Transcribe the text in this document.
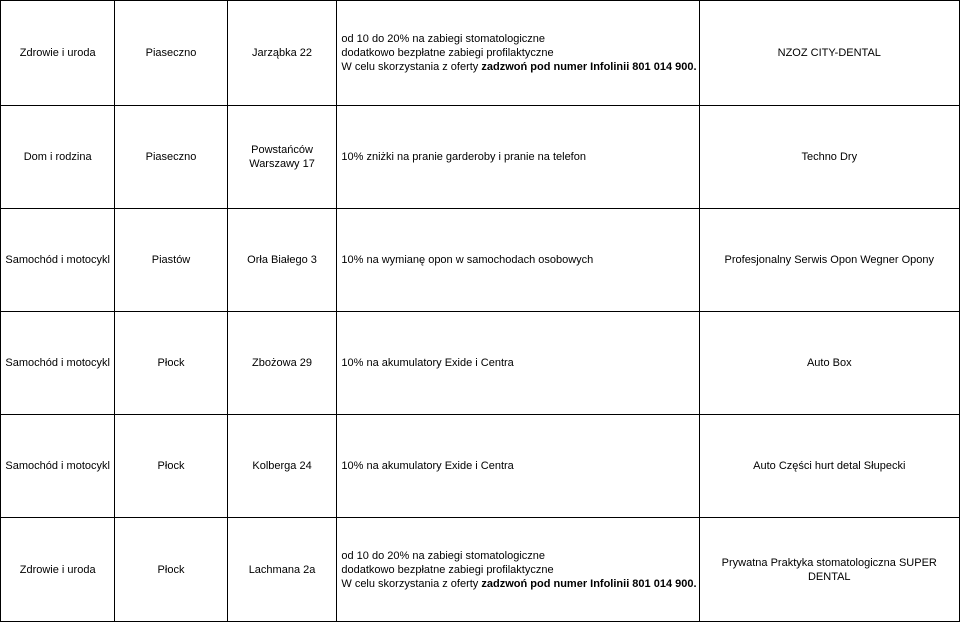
Zdrowie i uroda	Piaseczno	Jarząbka 22	od 10 do 20% na zabiegi stomatologiczne
dodatkowo bezpłatne zabiegi profilaktyczne
W celu skorzystania z oferty zadzwoń pod numer Infolinii 801 014 900.	NZOZ CITY-DENTAL
Dom i rodzina	Piaseczno	Powstańców Warszawy 17	10% zniżki na pranie garderoby i pranie na telefon	Techno Dry
Samochód i motocykl	Piastów	Orła Białego 3	10% na wymianę opon w samochodach osobowych	Profesjonalny Serwis Opon Wegner Opony
Samochód i motocykl	Płock	Zbożowa 29	10% na akumulatory Exide i Centra	Auto Box
Samochód i motocykl	Płock	Kolberga 24	10% na akumulatory Exide i Centra	Auto Części hurt detal Słupecki
Zdrowie i uroda	Płock	Lachmana 2a	od 10 do 20% na zabiegi stomatologiczne
dodatkowo bezpłatne zabiegi profilaktyczne
W celu skorzystania z oferty zadzwoń pod numer Infolinii 801 014 900.	Prywatna Praktyka stomatologiczna SUPER DENTAL
